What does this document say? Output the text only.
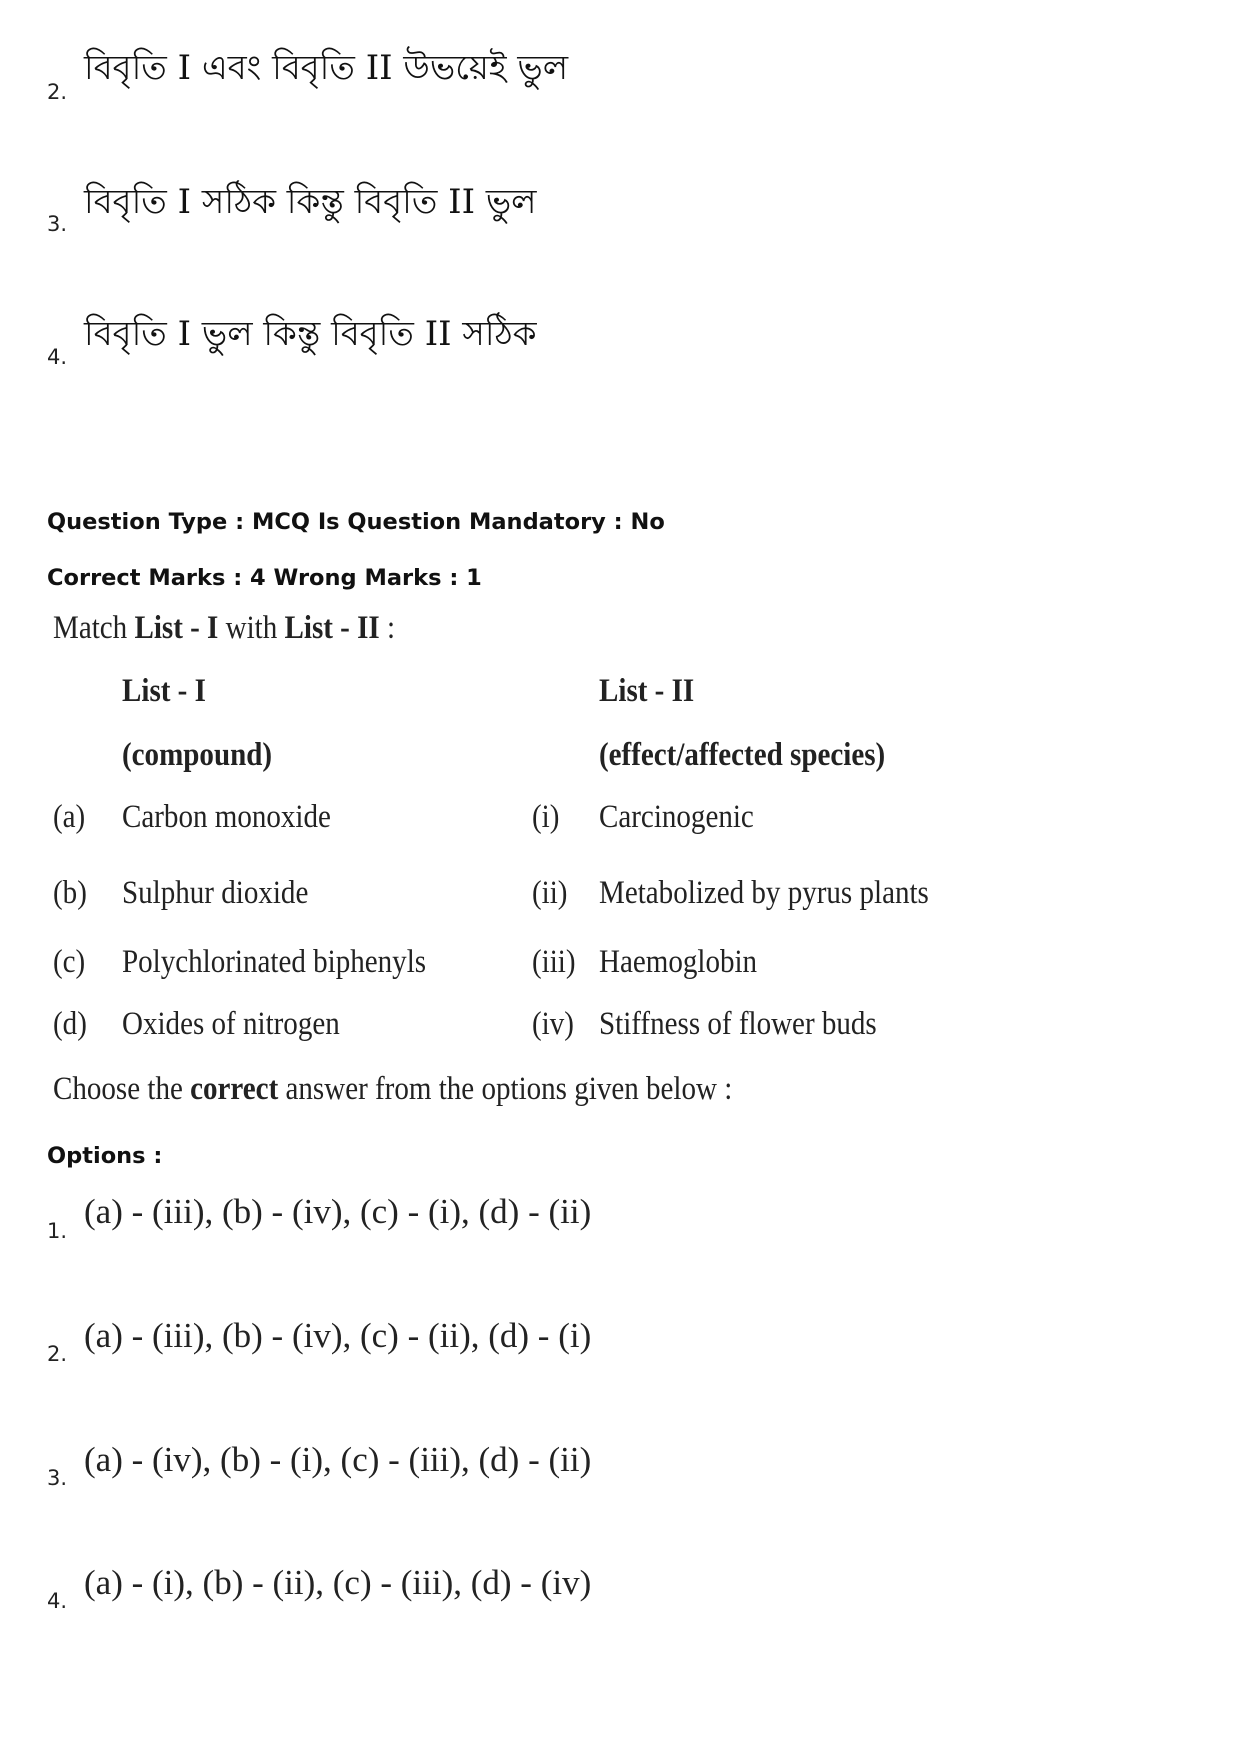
2.
বিবৃতি I এবং বিবৃতি II উভয়েই ভুল
3.
বিবৃতি I সঠিক কিন্তু বিবৃতি II ভুল
4.
বিবৃতি I ভুল কিন্তু বিবৃতি II সঠিক
Question Type : MCQ Is Question Mandatory : No
Correct Marks : 4 Wrong Marks : 1
Match List - I with List - II :
List - I	List - II
(compound)	(effect/affected species)
(a) Carbon monoxide	(i) Carcinogenic
(b) Sulphur dioxide	(ii) Metabolized by pyrus plants
(c) Polychlorinated biphenyls	(iii) Haemoglobin
(d) Oxides of nitrogen	(iv) Stiffness of flower buds
Choose the correct answer from the options given below :
Options :
1. (a) - (iii), (b) - (iv), (c) - (i), (d) - (ii)
2. (a) - (iii), (b) - (iv), (c) - (ii), (d) - (i)
3. (a) - (iv), (b) - (i), (c) - (iii), (d) - (ii)
4. (a) - (i), (b) - (ii), (c) - (iii), (d) - (iv)
